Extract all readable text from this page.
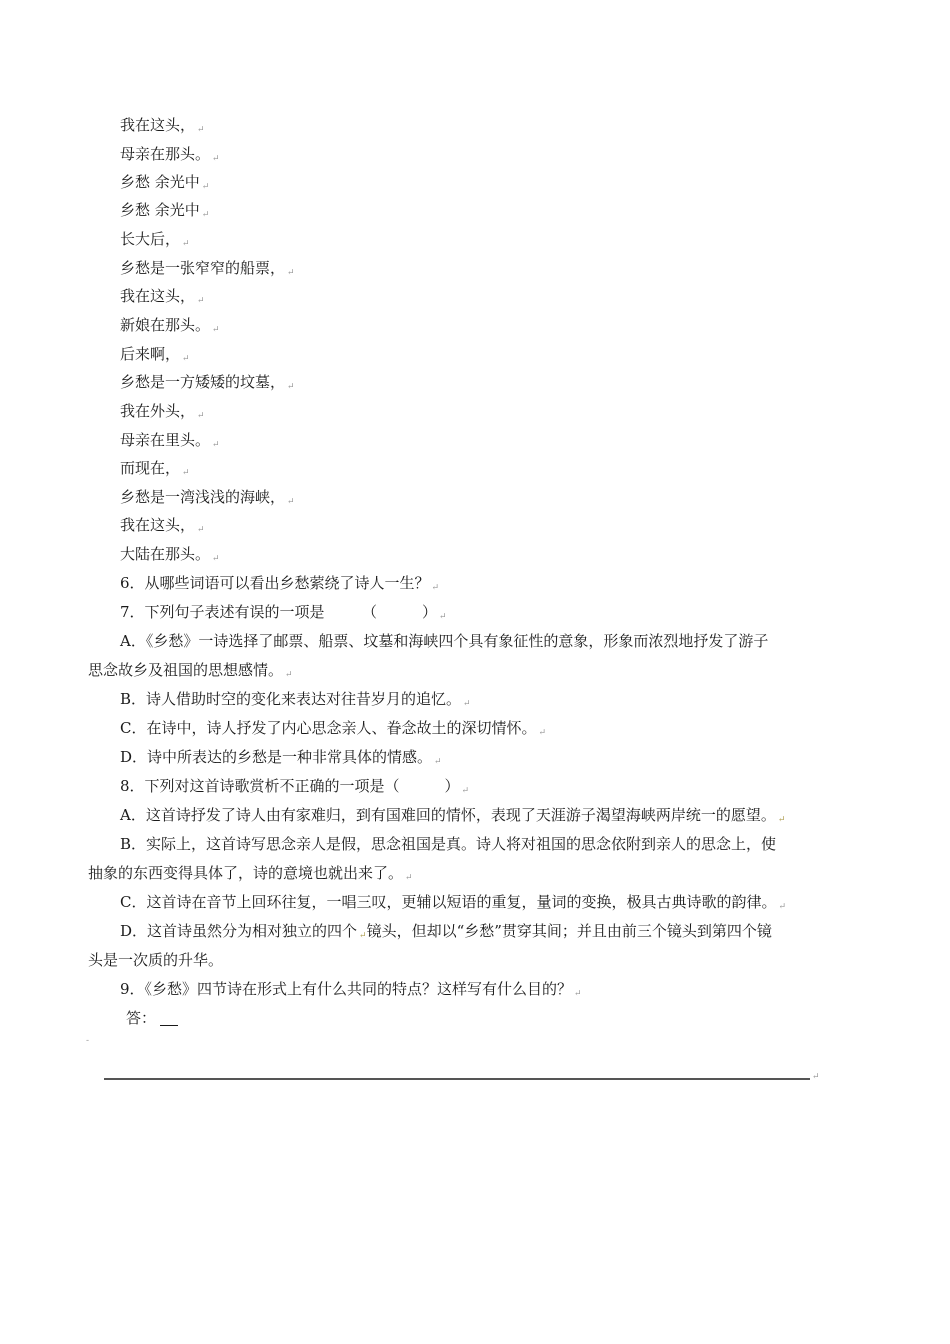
我在这头， ↵
母亲在那头。 ↵
乡愁 余光中 ↵
乡愁 余光中 ↵
长大后， ↵
乡愁是一张窄窄的船票， ↵
我在这头， ↵
新娘在那头。 ↵
后来啊， ↵
乡愁是一方矮矮的坟墓， ↵
我在外头， ↵
母亲在里头。 ↵
而现在， ↵
乡愁是一湾浅浅的海峡， ↵
我在这头， ↵
大陆在那头。 ↵
6．从哪些词语可以看出乡愁萦绕了诗人一生？ ↵
7．下列句子表述有误的一项是　　　（　　　） ↵
A．《乡愁》一诗选择了邮票、船票、坟墓和海峡四个具有象征性的意象，形象而浓烈地抒发了游子
思念故乡及祖国的思想感情。 ↵
B．诗人借助时空的变化来表达对往昔岁月的追忆。 ↵
C．在诗中，诗人抒发了内心思念亲人、眷念故土的深切情怀。 ↵
D．诗中所表达的乡愁是一种非常具体的情感。 ↵
8．下列对这首诗歌赏析不正确的一项是（　　　） ↵
A．这首诗抒发了诗人由有家难归，到有国难回的情怀，表现了天涯游子渴望海峡两岸统一的愿望。 ↵
B．实际上，这首诗写思念亲人是假，思念祖国是真。诗人将对祖国的思念依附到亲人的思念上，使
抽象的东西变得具体了，诗的意境也就出来了。 ↵
C．这首诗在音节上回环往复，一唱三叹，更辅以短语的重复，量词的变换，极具古典诗歌的韵律。 ↵
D．这首诗虽然分为相对独立的四个 ↵镜头，但却以“乡愁”贯穿其间；并且由前三个镜头到第四个镜
头是一次质的升华。
9．《乡愁》四节诗在形式上有什么共同的特点？这样写有什么目的？ ↵
答：
-
↵
